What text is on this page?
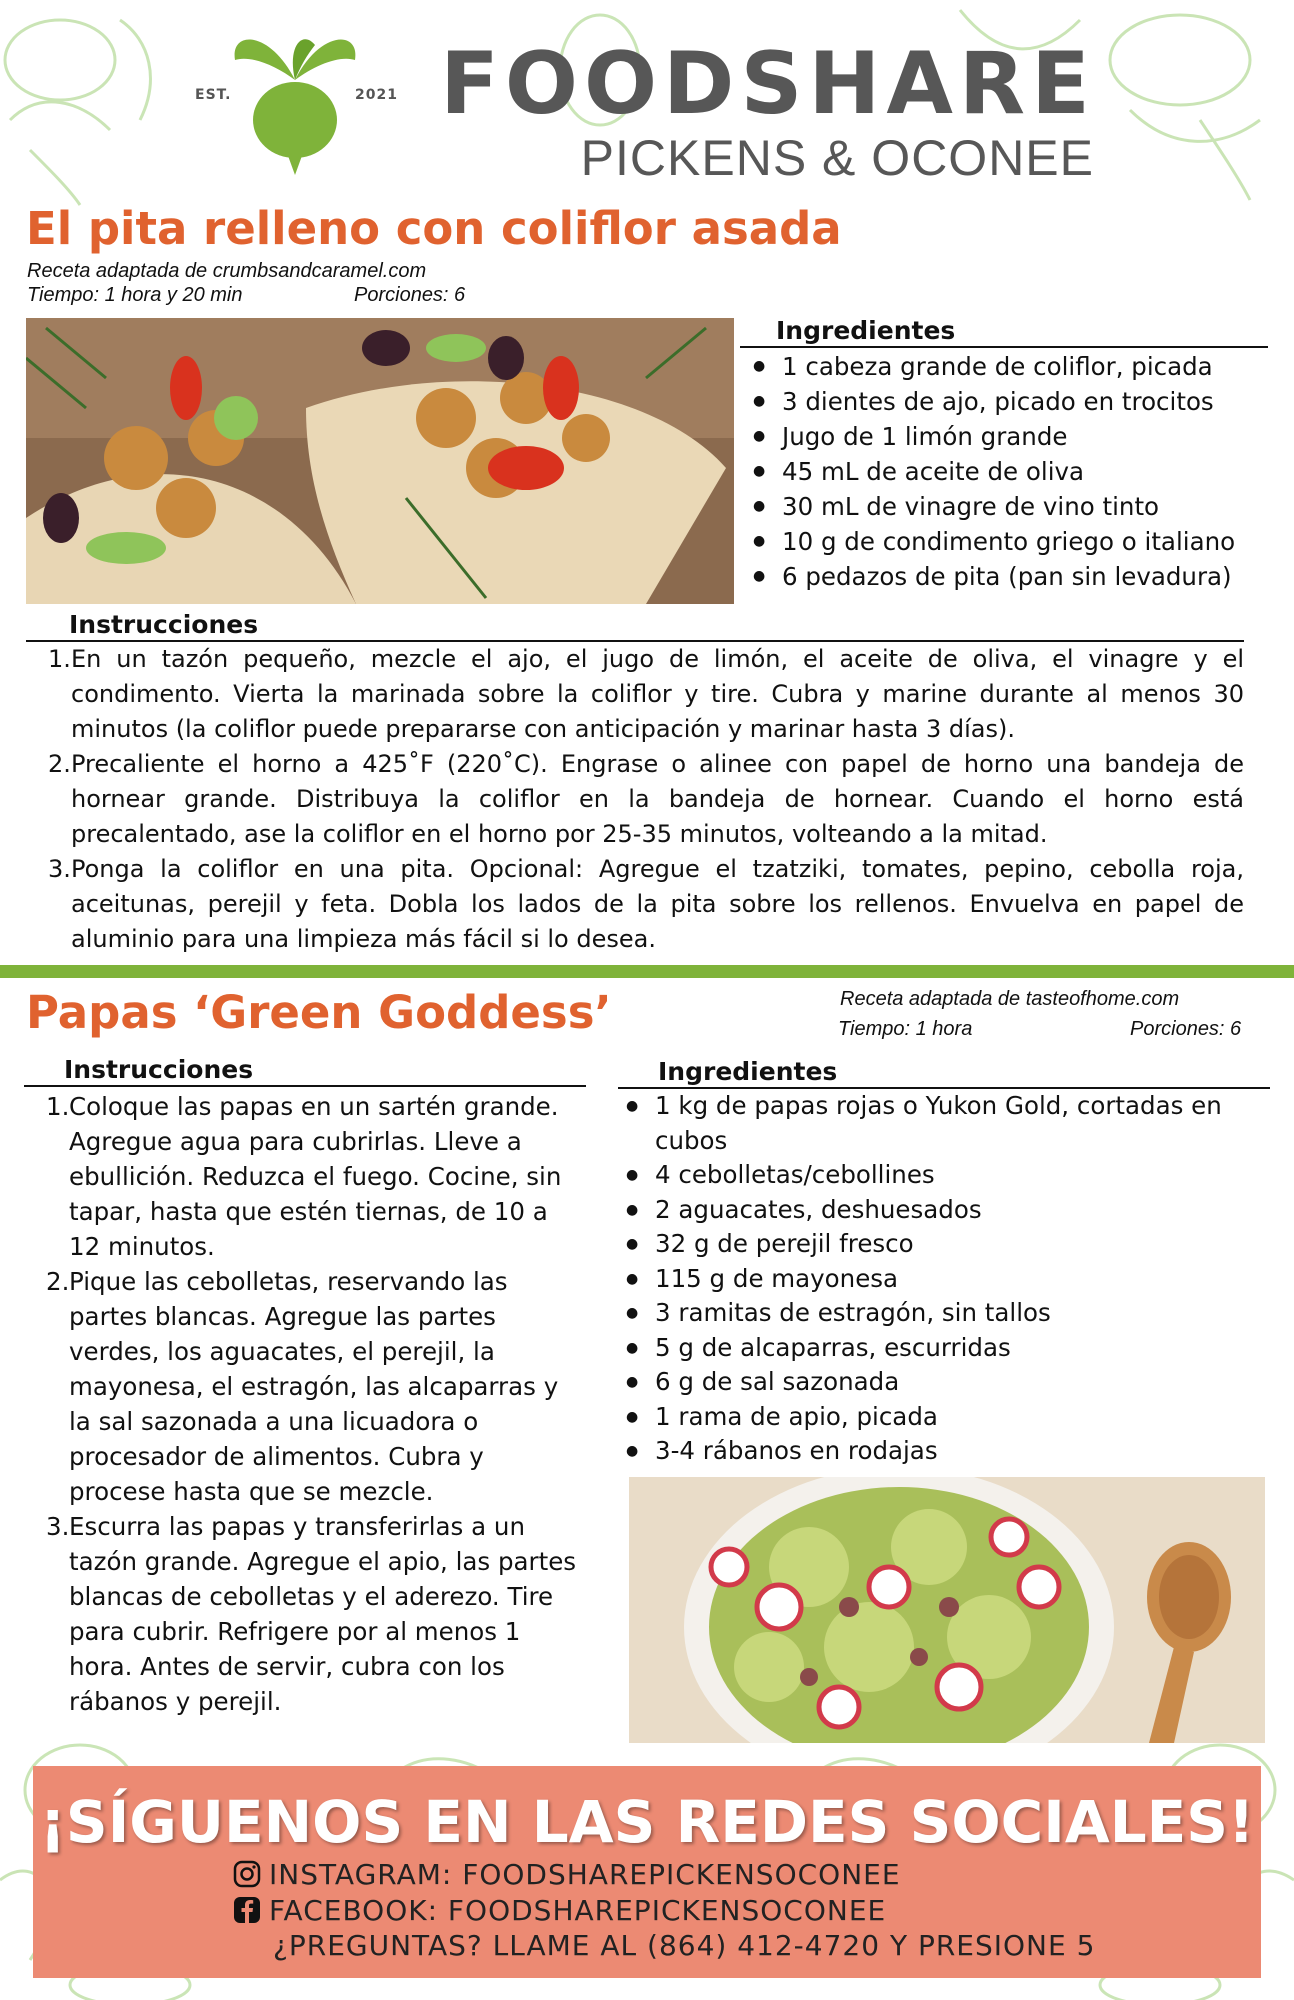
EST.	2021 FOODSHARE
PICKENS & OCONEE
El pita relleno con coliflor asada
Receta adaptada de crumbsandcaramel.com
Tiempo: 1 hora y 20 min	Porciones: 6
Ingredientes
● 1 cabeza grande de coliflor, picada
● 3 dientes de ajo, picado en trocitos
● Jugo de 1 limón grande
● 45 mL de aceite de oliva
● 30 mL de vinagre de vino tinto
● 10 g de condimento griego o italiano
● 6 pedazos de pita (pan sin levadura)
Instrucciones
1. En un tazón pequeño, mezcle el ajo, el jugo de limón, el aceite de oliva, el vinagre y el condimento. Vierta la marinada sobre la coliflor y tire. Cubra y marine durante al menos 30 minutos (la coliflor puede prepararse con anticipación y marinar hasta 3 días).
2. Precaliente el horno a 425˚F (220˚C). Engrase o alinee con papel de horno una bandeja de hornear grande. Distribuya la coliflor en la bandeja de hornear. Cuando el horno está precalentado, ase la coliflor en el horno por 25-35 minutos, volteando a la mitad.
3. Ponga la coliflor en una pita. Opcional: Agregue el tzatziki, tomates, pepino, cebolla roja, aceitunas, perejil y feta. Dobla los lados de la pita sobre los rellenos. Envuelva en papel de aluminio para una limpieza más fácil si lo desea.
Papas ‘Green Goddess’	Receta adaptada de tasteofhome.com
Tiempo: 1 hora	Porciones: 6
Instrucciones
1. Coloque las papas en un sartén grande. Agregue agua para cubrirlas. Lleve a ebullición. Reduzca el fuego. Cocine, sin tapar, hasta que estén tiernas, de 10 a 12 minutos.
2. Pique las cebolletas, reservando las partes blancas. Agregue las partes verdes, los aguacates, el perejil, la mayonesa, el estragón, las alcaparras y la sal sazonada a una licuadora o procesador de alimentos. Cubra y procese hasta que se mezcle.
3. Escurra las papas y transferirlas a un tazón grande. Agregue el apio, las partes blancas de cebolletas y el aderezo. Tire para cubrir. Refrigere por al menos 1 hora. Antes de servir, cubra con los rábanos y perejil.
Ingredientes
● 1 kg de papas rojas o Yukon Gold, cortadas en cubos
● 4 cebolletas/cebollines
● 2 aguacates, deshuesados
● 32 g de perejil fresco
● 115 g de mayonesa
● 3 ramitas de estragón, sin tallos
● 5 g de alcaparras, escurridas
● 6 g de sal sazonada
● 1 rama de apio, picada
● 3-4 rábanos en rodajas
¡SÍGUENOS EN LAS REDES SOCIALES!
INSTAGRAM: FOODSHAREPICKENSOCONEE
FACEBOOK: FOODSHAREPICKENSOCONEE
¿PREGUNTAS? LLAME AL (864) 412-4720 Y PRESIONE 5
